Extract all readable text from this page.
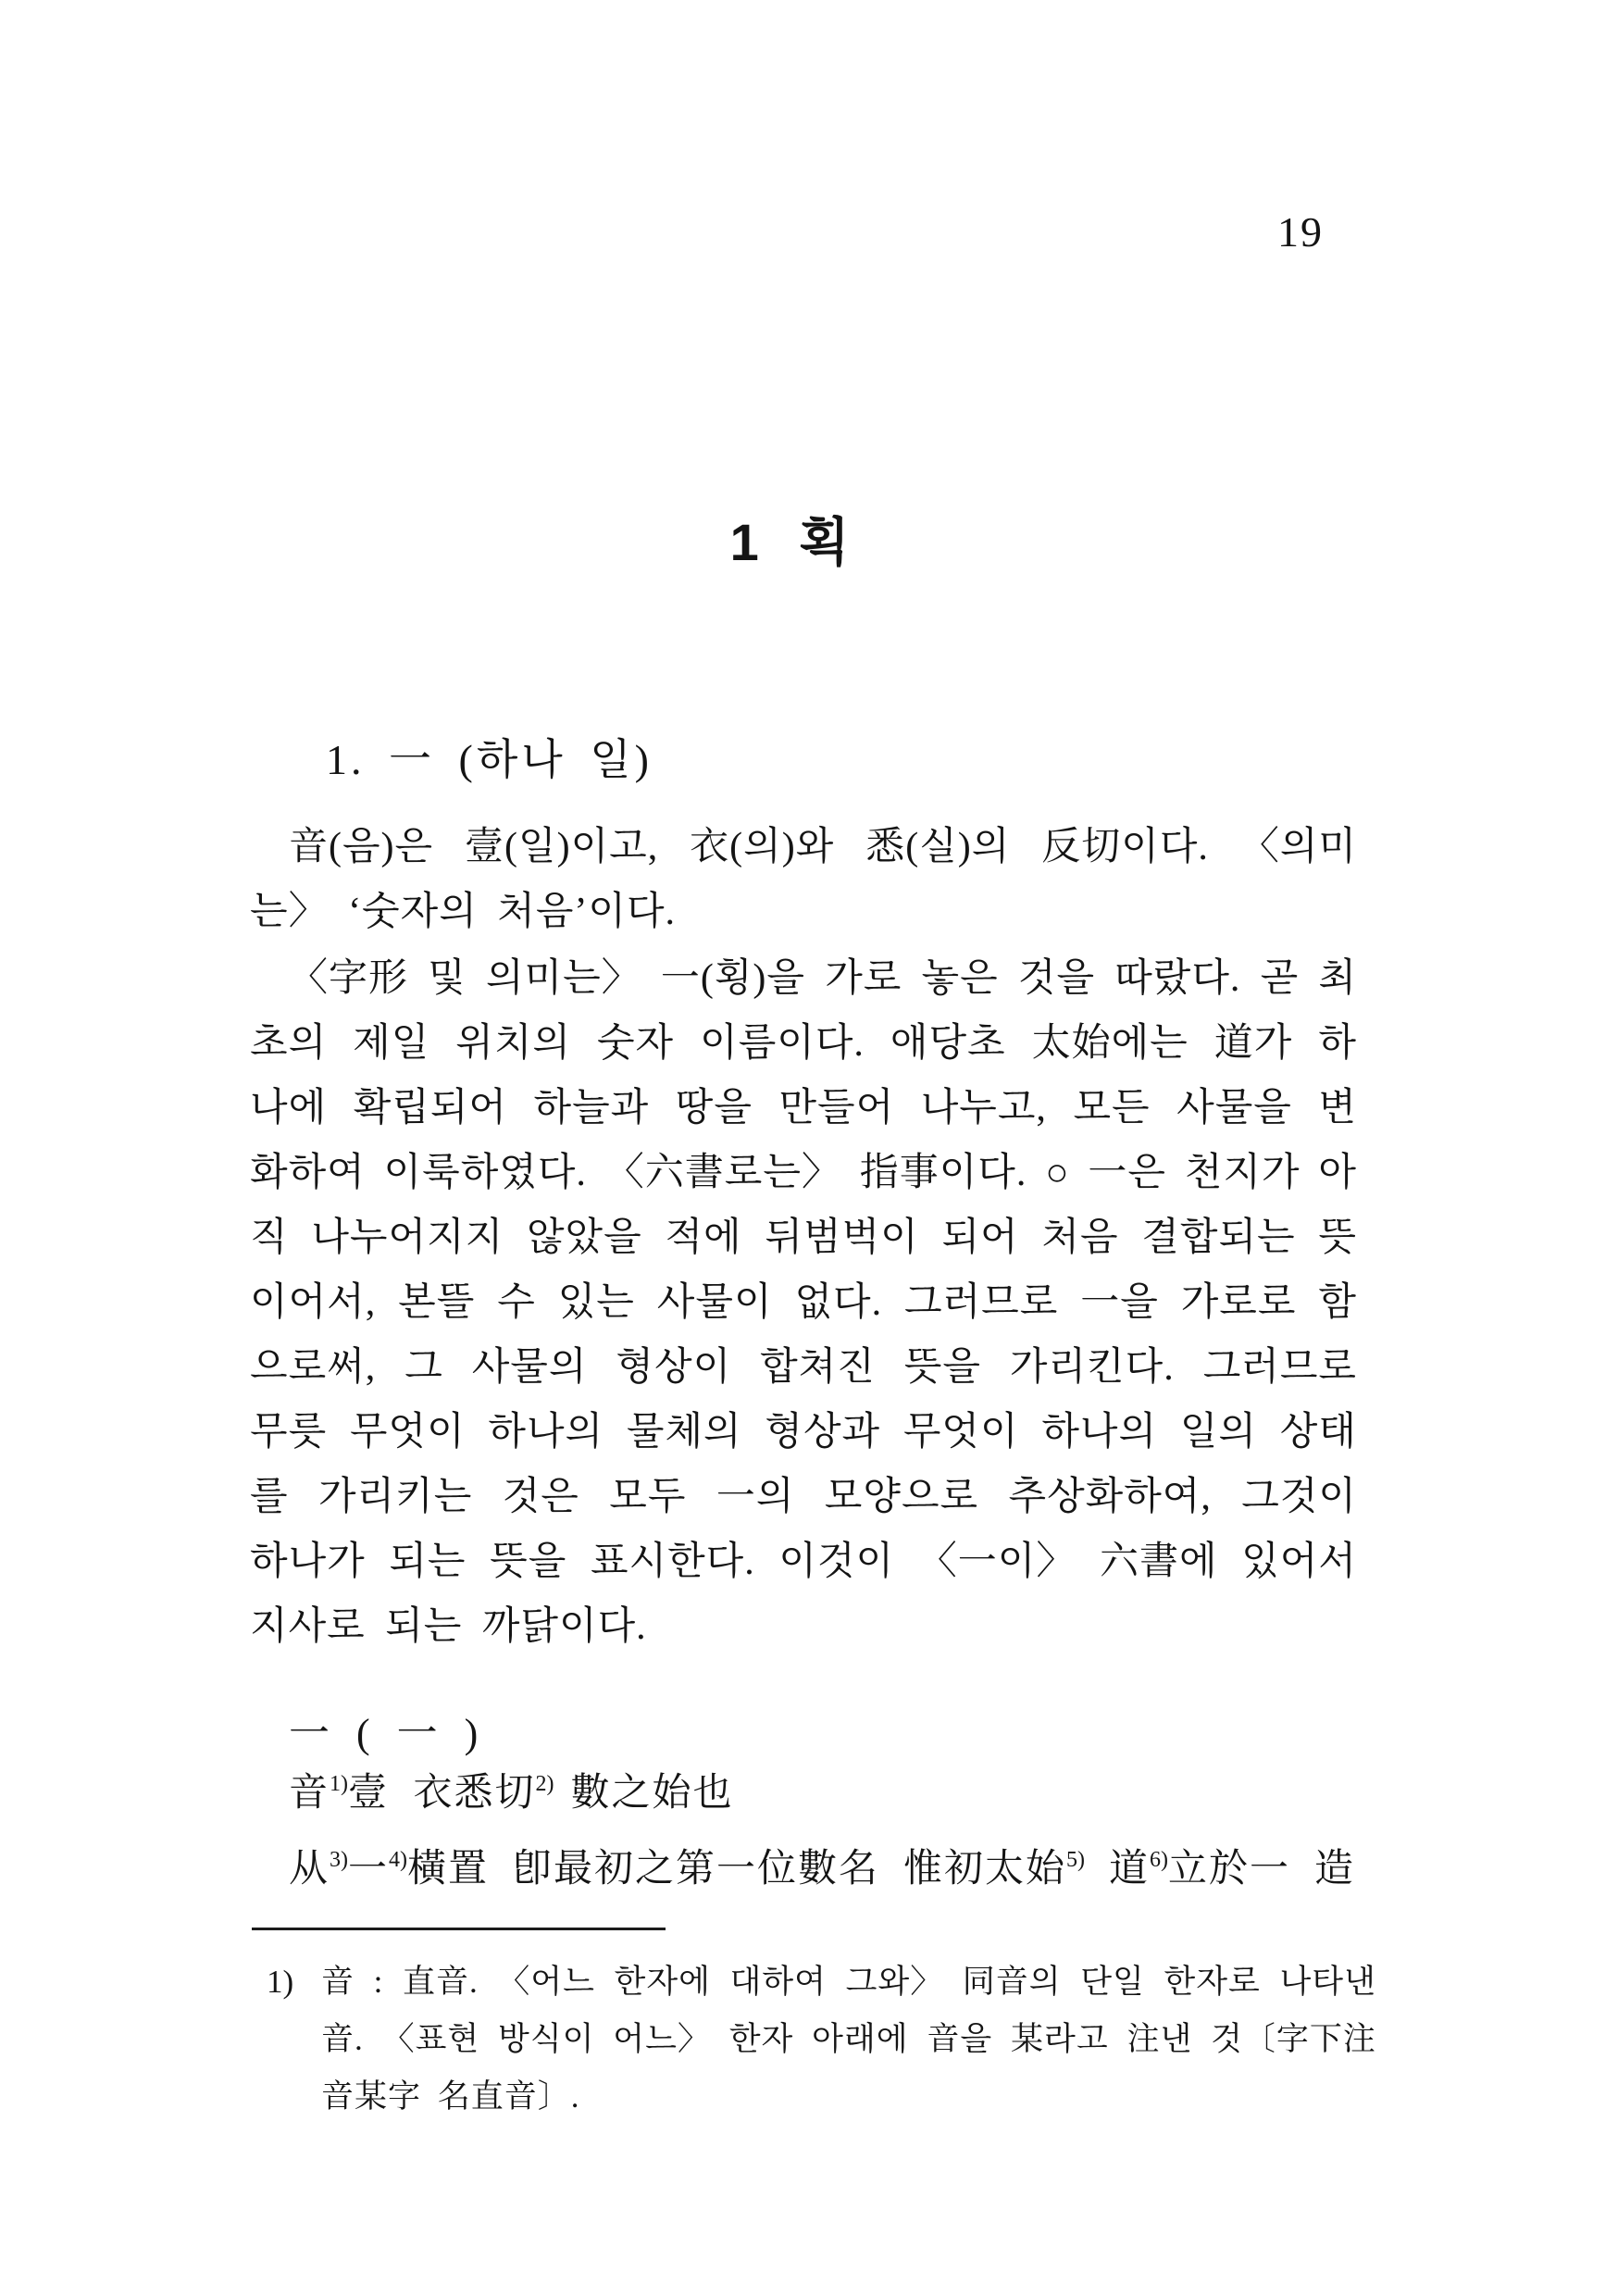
19
1 획
1. 一 (하나 일)
音(음)은 壹(일)이고, 衣(의)와 悉(실)의 反切이다. 〈의미
는〉 ‘숫자의 처음’이다.
〈字形 및 의미는〉 一(횡)을 가로 놓은 것을 따랐다. 곧 최
초의 제일 위치의 숫자 이름이다. 애당초 太始에는 道가 하
나에 확립되어 하늘과 땅을 만들어 나누고, 모든 사물을 변
화하여 이룩하였다. 〈六書로는〉 指事이다. ○ 一은 천지가 아
직 나누어지지 않았을 적에 뒤범벅이 되어 처음 결합되는 뜻
이어서, 본뜰 수 있는 사물이 없다. 그러므로 一을 가로로 함
으로써, 그 사물의 형상이 합쳐진 뜻을 가리킨다. 그러므로
무릇 무엇이 하나의 물체의 형상과 무엇이 하나의 일의 상태
를 가리키는 것은 모두 一의 모양으로 추상화하여, 그것이
하나가 되는 뜻을 표시한다. 이것이 〈一이〉 六書에 있어서
지사로 되는 까닭이다.
一 ( 一 )
音$^{1)}$壹 衣悉切$^{2)}$ 數之始也
从$^{3)}$一$^{4)}$橫置 卽最初之第一位數名 惟初太始$^{5)}$ 道$^{6)}$立於一 造
1) 音 : 直音. 〈어느 한자에 대하여 그와〉 同音의 단일 한자로 나타낸
音. 〈표현 방식이 어느〉 한자 아래에 音을 某라고 注낸 것〔字下注
音某字 名直音〕.
